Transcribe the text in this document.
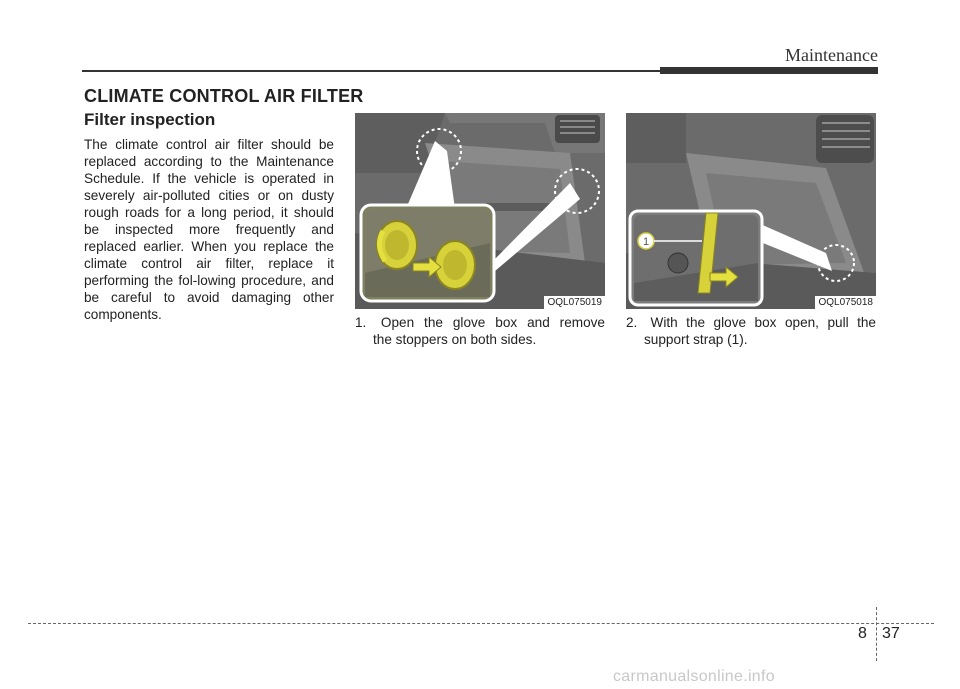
Maintenance
CLIMATE CONTROL AIR FILTER
Filter inspection
The climate control air filter should be replaced according to the Maintenance Schedule. If the vehicle is operated in severely air-polluted cities or on dusty rough roads for a long period, it should be inspected more frequently and replaced earlier. When you replace the climate control air filter, replace it performing the fol-lowing procedure, and be careful to avoid damaging other components.
OQL075019
1
OQL075018
1. Open the glove box and remove
the stoppers on both sides.
2. With the glove box open, pull the
support strap (1).
8 37
carmanualsonline.info
